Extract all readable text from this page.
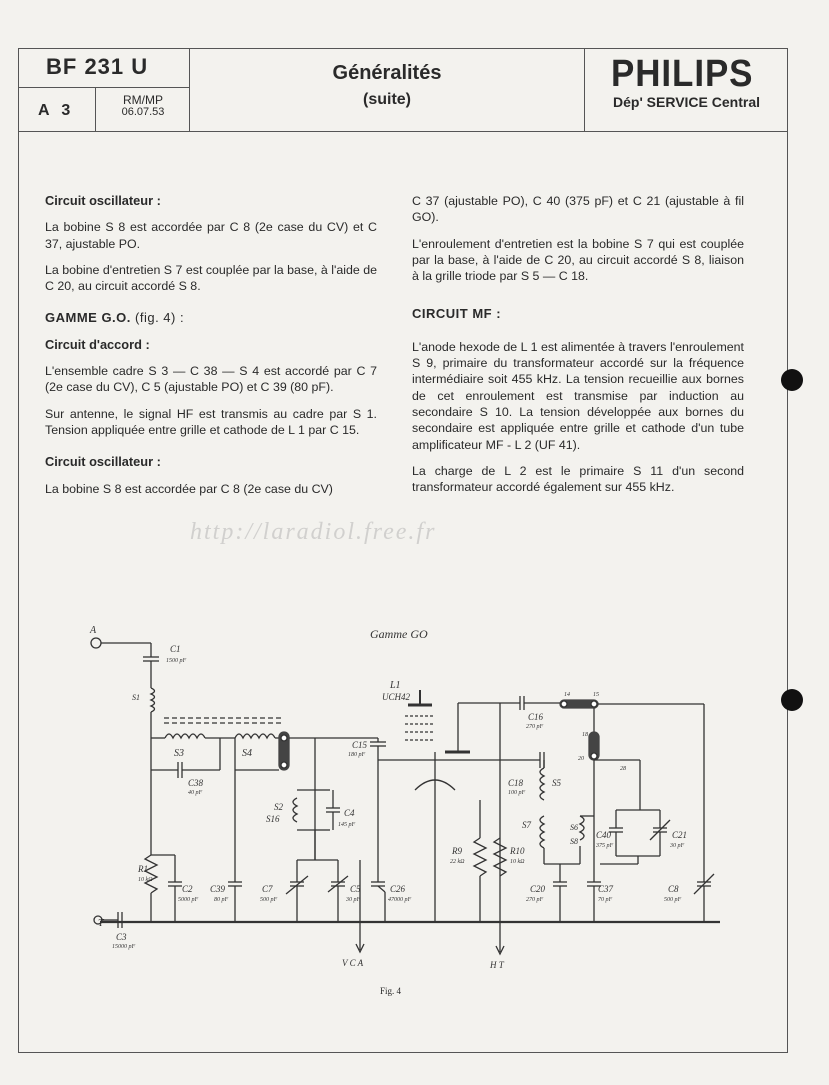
BF 231 U
A 3
RM/MP
06.07.53
Généralités
(suite)
PHILIPS
Dép' SERVICE Central
Circuit oscillateur :

La bobine S 8 est accordée par C 8 (2e case du CV) et C 37, ajustable PO.

La bobine d'entretien S 7 est couplée par la base, à l'aide de C 20, au circuit accordé S 8.

GAMME G.O. (fig. 4) :
Circuit d'accord :

L'ensemble cadre S 3 — C 38 — S 4 est accordé par C 7 (2e case du CV), C 5 (ajustable PO) et C 39 (80 pF).

Sur antenne, le signal HF est transmis au cadre par S 1. Tension appliquée entre grille et cathode de L 1 par C 15.

Circuit oscillateur :

La bobine S 8 est accordée par C 8 (2e case du CV)

C 37 (ajustable PO), C 40 (375 pF) et C 21 (ajustable à fil GO).

L'enroulement d'entretien est la bobine S 7 qui est couplée par la base, à l'aide de C 20, au circuit accordé S 8, liaison à la grille triode par S 5 — C 18.

CIRCUIT MF :

L'anode hexode de L 1 est alimentée à travers l'enroulement S 9, primaire du transformateur accordé sur la fréquence intermédiaire soit 455 kHz. La tension recueillie aux bornes de cet enroulement est transmise par induction au secondaire S 10. La tension développée aux bornes du secondaire est appliquée entre grille et cathode d'un tube amplificateur MF - L 2 (UF 41).

La charge de L 2 est le primaire S 11 d'un second transformateur accordé également sur 455 kHz.

http://laradiol.free.fr
Gamme GO
A
C1
1500 pF
S1
S3	S4
C38
40 pF
S2
S16
C4
145 pF
T
C3
15000 pF
R1
10 kΩ
C2
5000 pF
C39
80 pF
C7
500 pF
C5
30 pF
C15
180 pF
C26
47000 pF
V C A
L1
UCH42
C16
270 pF
14	15
18
20
28
C18
100 pF
S5
S7	S6
S8
C37
70 pF
C20
270 pF
C40
375 pF
C21
30 pF
C8
500 pF
R9
22 kΩ
R10
10 kΩ
H T
Fig. 4
